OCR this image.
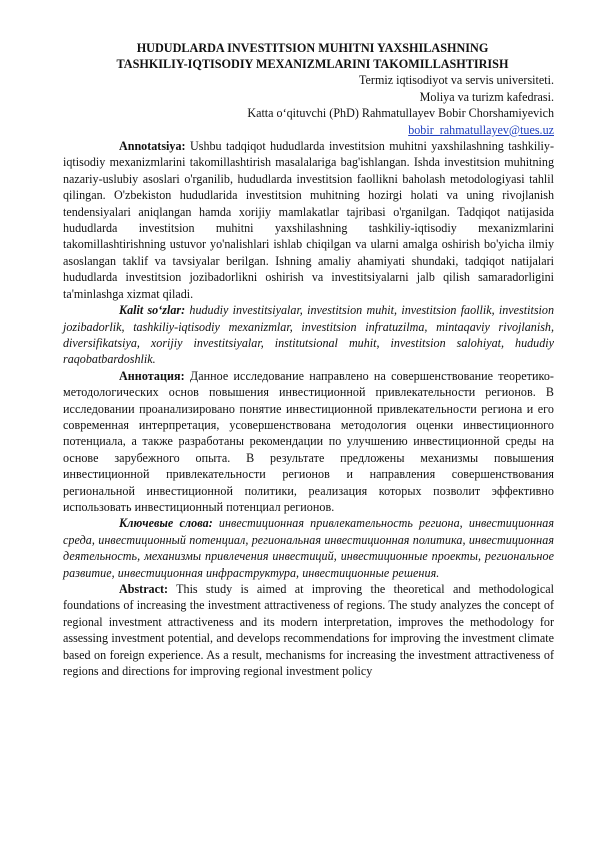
HUDUDLARDA INVESTITSION MUHITNI YAXSHILASHNING
TASHKILIY-IQTISODIY MEXANIZMLARINI TAKOMILLASHTIRISH
Termiz iqtisodiyot va servis universiteti.
Moliya va turizm kafedrasi.
Katta o‘qituvchi (PhD) Rahmatullayev Bobir Chorshamiyevich
bobir_rahmatullayev@tues.uz

Annotatsiya: Ushbu tadqiqot hududlarda investitsion muhitni yaxshilashning tashkiliy-iqtisodiy mexanizmlarini takomillashtirish masalalariga bag'ishlangan. Ishda investitsion muhitning nazariy-uslubiy asoslari o'rganilib, hududlarda investitsion faollikni baholash metodologiyasi tahlil qilingan. O'zbekiston hududlarida investitsion muhitning hozirgi holati va uning rivojlanish tendensiyalari aniqlangan hamda xorijiy mamlakatlar tajribasi o'rganilgan. Tadqiqot natijasida hududlarda investitsion muhitni yaxshilashning tashkiliy-iqtisodiy mexanizmlarini takomillashtirishning ustuvor yo'nalishlari ishlab chiqilgan va ularni amalga oshirish bo'yicha ilmiy asoslangan taklif va tavsiyalar berilgan. Ishning amaliy ahamiyati shundaki, tadqiqot natijalari hududlarda investitsion jozibadorlikni oshirish va investitsiyalarni jalb qilish samaradorligini ta'minlashga xizmat qiladi.

Kalit so‘zlar: hududiy investitsiyalar, investitsion muhit, investitsion faollik, investitsion jozibadorlik, tashkiliy-iqtisodiy mexanizmlar, investitsion infratuzilma, mintaqaviy rivojlanish, diversifikatsiya, xorijiy investitsiyalar, institutsional muhit, investitsion salohiyat, hududiy raqobatbardoshlik.

Аннотация: Данное исследование направлено на совершенствование теоретико-методологических основ повышения инвестиционной привлекательности регионов. В исследовании проанализировано понятие инвестиционной привлекательности региона и его современная интерпретация, усовершенствована методология оценки инвестиционного потенциала, а также разработаны рекомендации по улучшению инвестиционной среды на основе зарубежного опыта. В результате предложены механизмы повышения инвестиционной привлекательности регионов и направления совершенствования региональной инвестиционной политики, реализация которых позволит эффективно использовать инвестиционный потенциал регионов.

Ключевые слова: инвестиционная привлекательность региона, инвестиционная среда, инвестиционный потенциал, региональная инвестиционная политика, инвестиционная деятельность, механизмы привлечения инвестиций, инвестиционные проекты, региональное развитие, инвестиционная инфраструктура, инвестиционные решения.

Abstract: This study is aimed at improving the theoretical and methodological foundations of increasing the investment attractiveness of regions. The study analyzes the concept of regional investment attractiveness and its modern interpretation, improves the methodology for assessing investment potential, and develops recommendations for improving the investment climate based on foreign experience. As a result, mechanisms for increasing the investment attractiveness of regions and directions for improving regional investment policy
